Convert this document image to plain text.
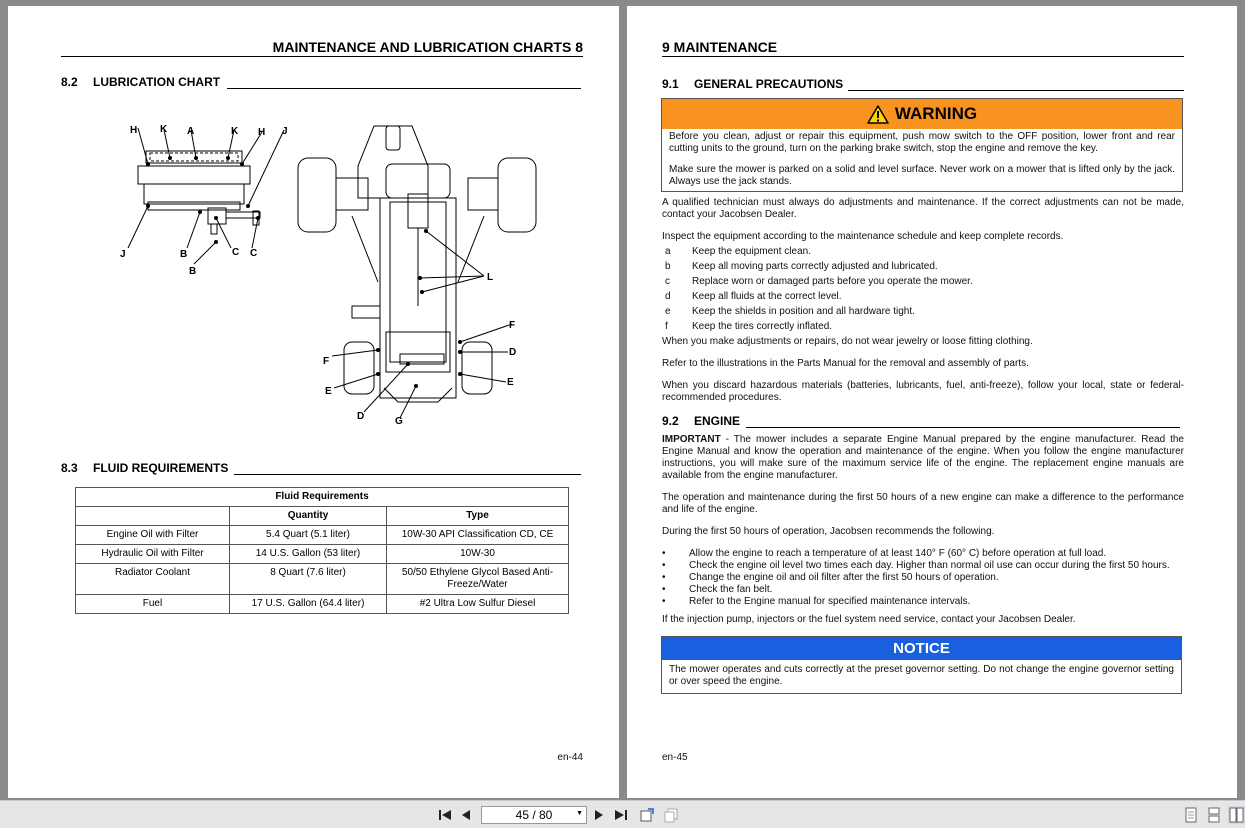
MAINTENANCE AND LUBRICATION CHARTS 8
8.2 LUBRICATION CHART
H K A	K H J
J	B	C C
B
L
F
D
E
F
E
D	G
8.3 FLUID REQUIREMENTS
Fluid Requirements		
	Quantity	Type
Engine Oil with Filter	5.4 Quart (5.1 liter)	10W-30 API Classification CD, CE
Hydraulic Oil with Filter	14 U.S. Gallon (53 liter)	10W-30
Radiator Coolant	8 Quart (7.6 liter)	50/50 Ethylene Glycol Based Anti-Freeze/Water
Fuel	17 U.S. Gallon (64.4 liter)	#2 Ultra Low Sulfur Diesel
en-44
9 MAINTENANCE
9.1 GENERAL PRECAUTIONS
WARNING
Before you clean, adjust or repair this equipment, push mow switch to the OFF position, lower front and rear cutting units to the ground, turn on the parking brake switch, stop the engine and remove the key.
Make sure the mower is parked on a solid and level surface. Never work on a mower that is lifted only by the jack. Always use the jack stands.
A qualified technician must always do adjustments and maintenance. If the correct adjustments can not be made, contact your Jacobsen Dealer.
Inspect the equipment according to the maintenance schedule and keep complete records.
a Keep the equipment clean.
b Keep all moving parts correctly adjusted and lubricated.
c Replace worn or damaged parts before you operate the mower.
d Keep all fluids at the correct level.
e Keep the shields in position and all hardware tight.
f Keep the tires correctly inflated.
When you make adjustments or repairs, do not wear jewelry or loose fitting clothing.
Refer to the illustrations in the Parts Manual for the removal and assembly of parts.
When you discard hazardous materials (batteries, lubricants, fuel, anti-freeze), follow your local, state or federal-recommended procedures.
9.2 ENGINE
IMPORTANT - The mower includes a separate Engine Manual prepared by the engine manufacturer. Read the Engine Manual and know the operation and maintenance of the engine. When you follow the engine manufacturer instructions, you will make sure of the maximum service life of the engine. The replacement engine manuals are available from the engine manufacturer.
The operation and maintenance during the first 50 hours of a new engine can make a difference to the performance and life of the engine.
During the first 50 hours of operation, Jacobsen recommends the following.
• Allow the engine to reach a temperature of at least 140° F (60° C) before operation at full load.
• Check the engine oil level two times each day. Higher than normal oil use can occur during the first 50 hours.
• Change the engine oil and oil filter after the first 50 hours of operation.
• Check the fan belt.
• Refer to the Engine manual for specified maintenance intervals.
If the injection pump, injectors or the fuel system need service, contact your Jacobsen Dealer.
NOTICE
The mower operates and cuts correctly at the preset governor setting. Do not change the engine governor setting or over speed the engine.
en-45
45 / 80	▼
